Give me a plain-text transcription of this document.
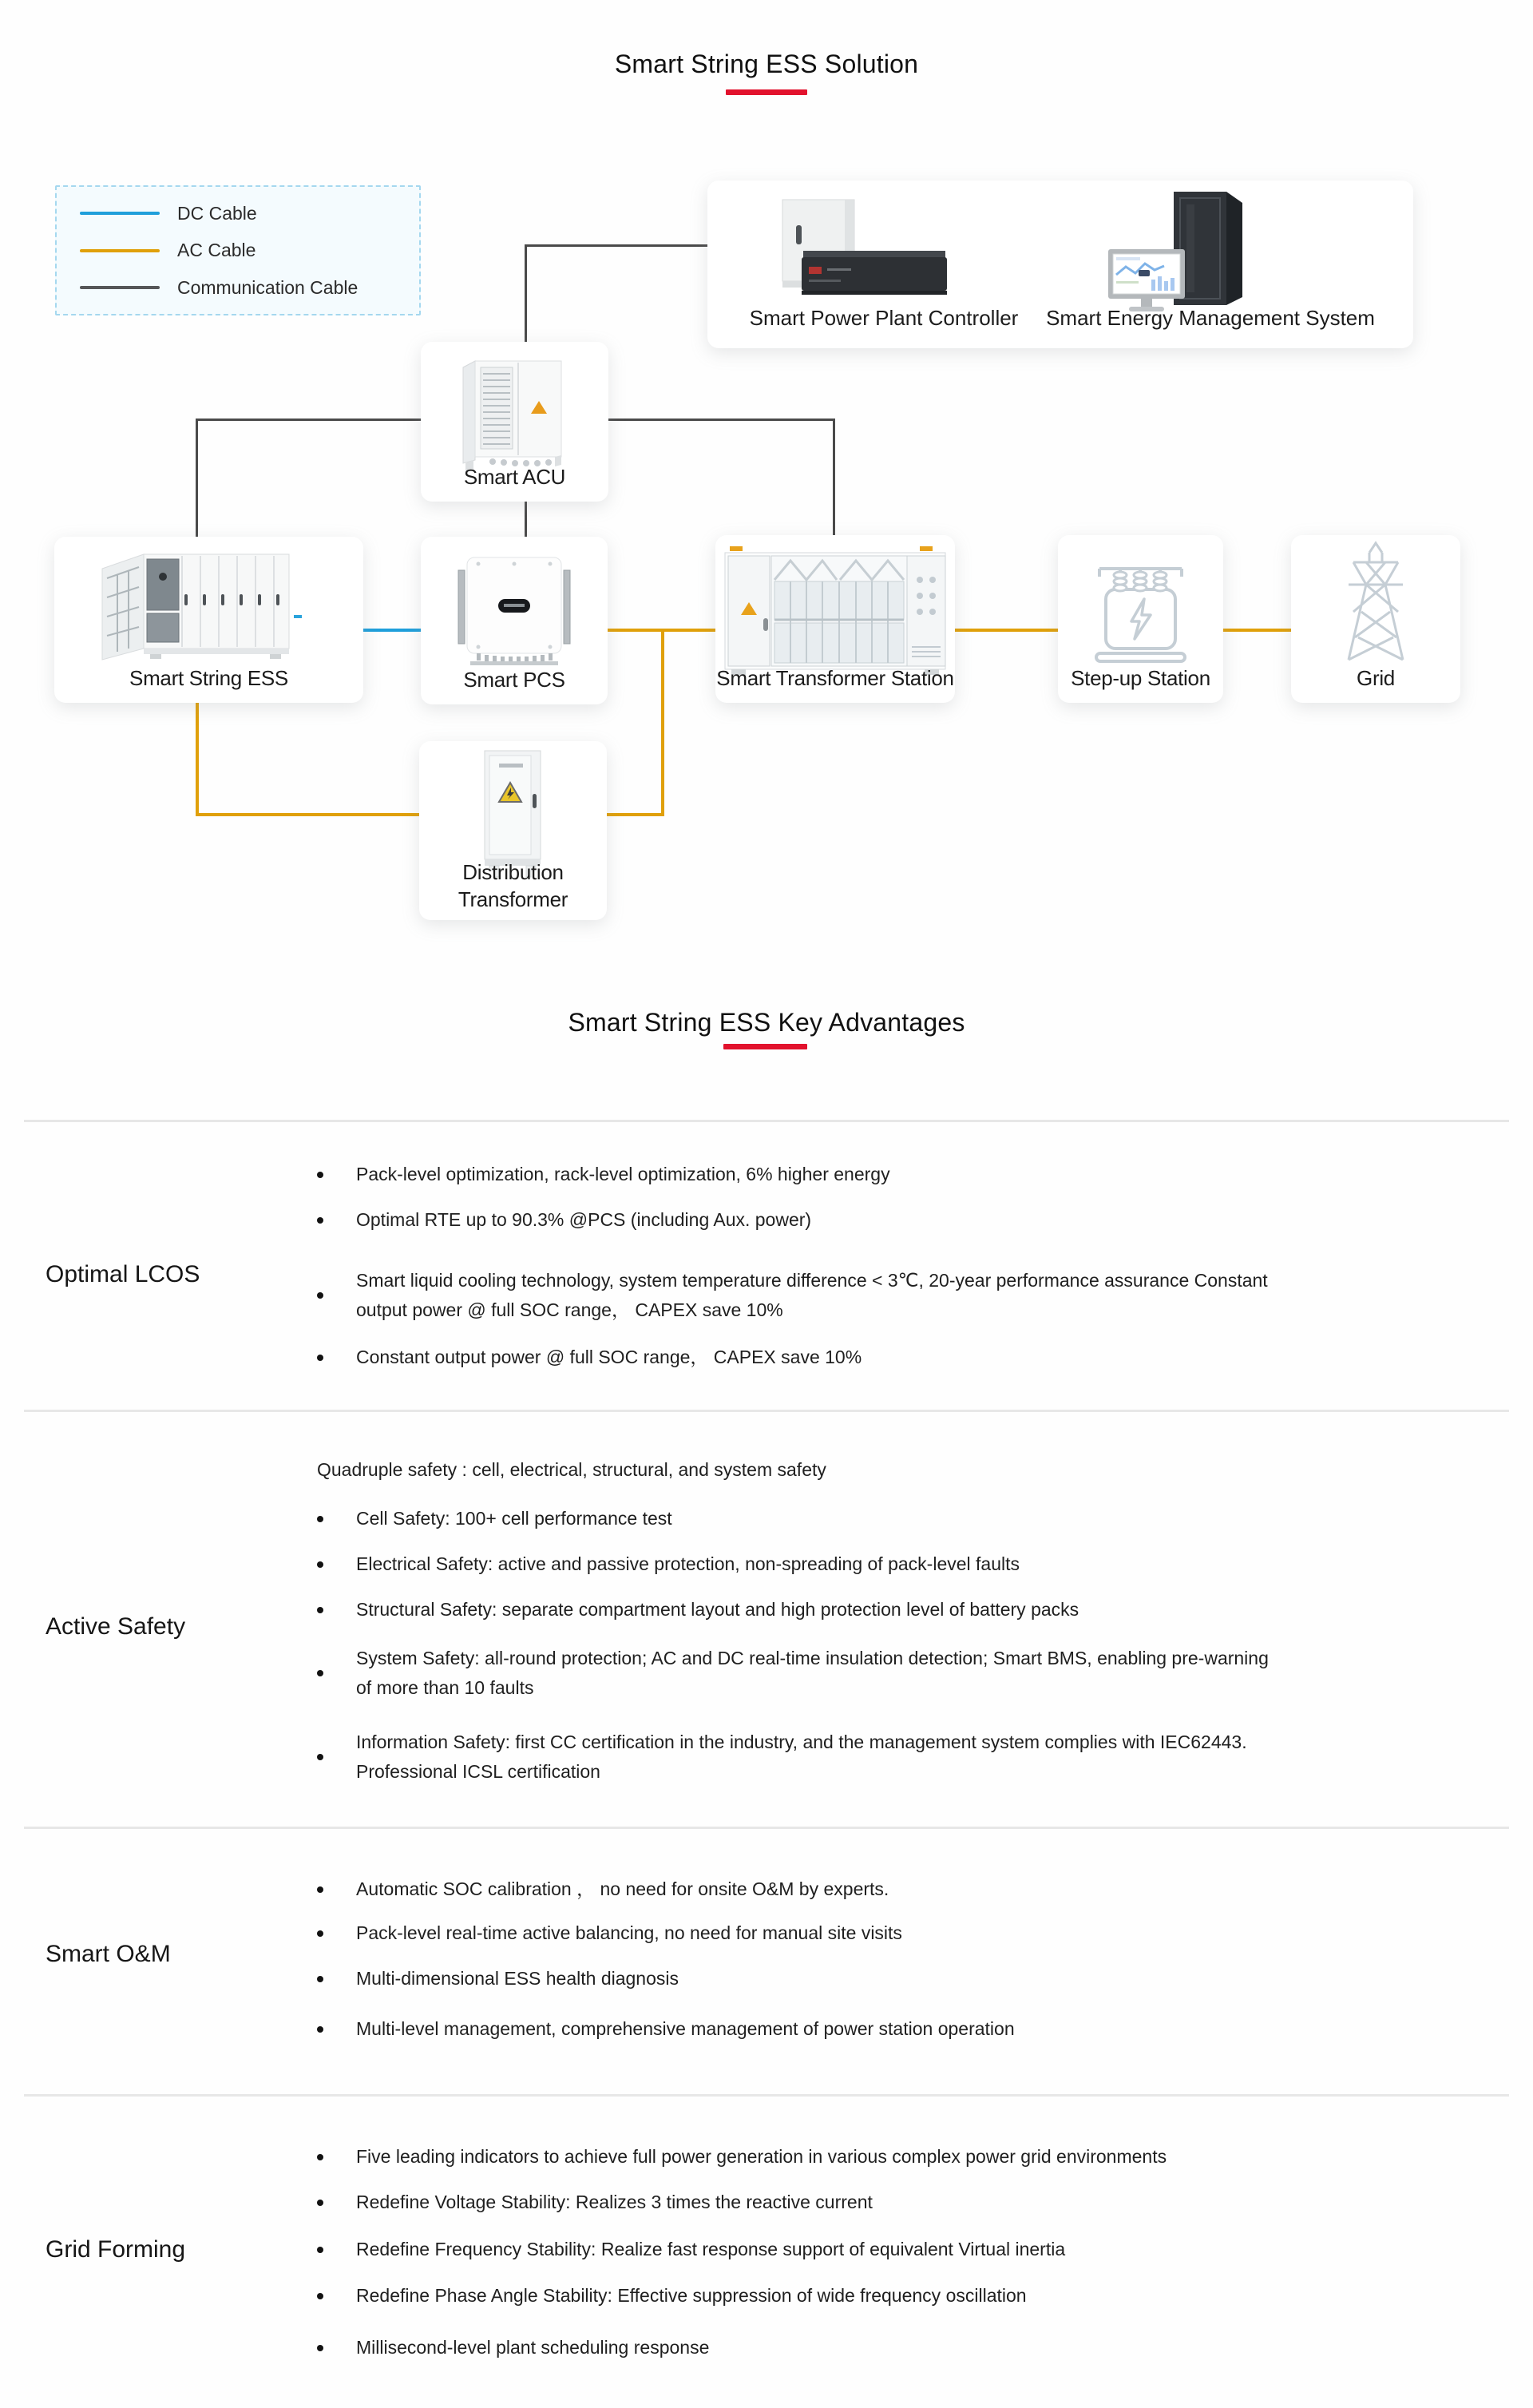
Smart String ESS Solution
DC Cable
AC Cable
Communication Cable
Smart Power Plant Controller	Smart Energy Management System
Smart ACU
Smart String ESS	Smart PCS	Smart Transformer Station	Step-up Station	Grid
Distribution
Transformer
Smart String ESS Key Advantages
Optimal LCOS
Pack-level optimization, rack-level optimization, 6% higher energy
Optimal RTE up to 90.3% @PCS (including Aux. power)
Smart liquid cooling technology, system temperature difference < 3℃, 20-year performance assurance Constant
output power @ full SOC range， CAPEX save 10%
Constant output power @ full SOC range， CAPEX save 10%
Active Safety
Quadruple safety : cell, electrical, structural, and system safety
Cell Safety: 100+ cell performance test
Electrical Safety: active and passive protection, non-spreading of pack-level faults
Structural Safety: separate compartment layout and high protection level of battery packs
System Safety: all-round protection; AC and DC real-time insulation detection; Smart BMS, enabling pre-warning
of more than 10 faults
Information Safety: first CC certification in the industry, and the management system complies with IEC62443.
Professional ICSL certification
Smart O&M
Automatic SOC calibration ， no need for onsite O&M by experts.
Pack-level real-time active balancing, no need for manual site visits
Multi-dimensional ESS health diagnosis
Multi-level management, comprehensive management of power station operation
Grid Forming
Five leading indicators to achieve full power generation in various complex power grid environments
Redefine Voltage Stability: Realizes 3 times the reactive current
Redefine Frequency Stability: Realize fast response support of equivalent Virtual inertia
Redefine Phase Angle Stability: Effective suppression of wide frequency oscillation
Millisecond-level plant scheduling response
